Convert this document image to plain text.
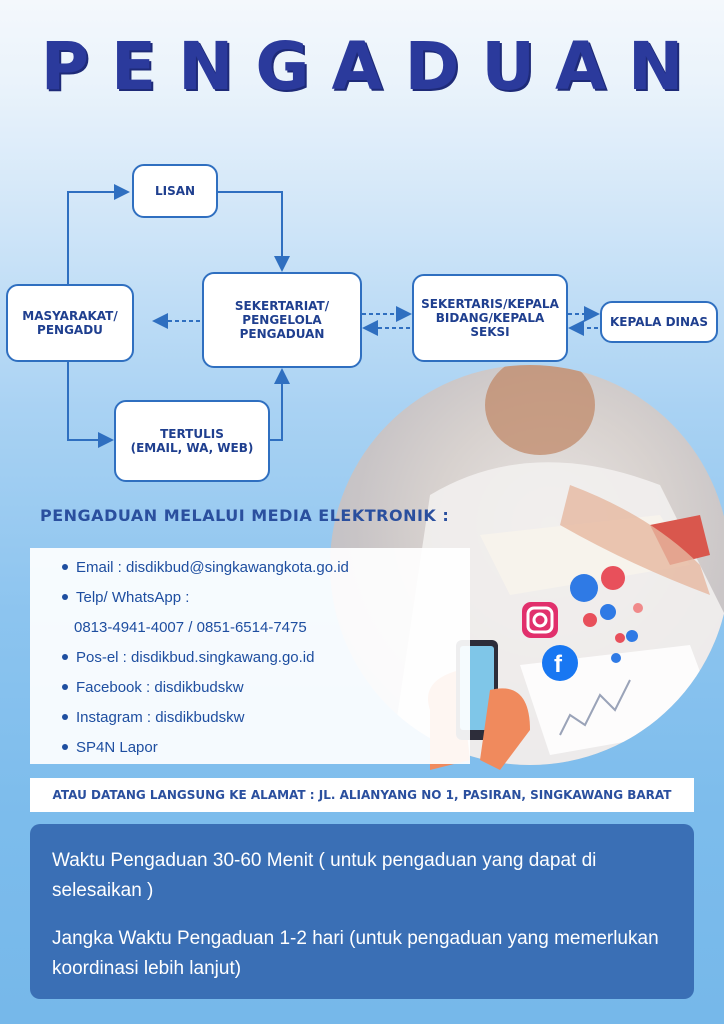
PENGADUAN
LISAN
MASYARAKAT/
PENGADU
SEKERTARIAT/
PENGELOLA
PENGADUAN
SEKERTARIS/KEPALA
BIDANG/KEPALA
SEKSI
KEPALA DINAS
TERTULIS
(EMAIL, WA, WEB)
f
PENGADUAN MELALUI MEDIA ELEKTRONIK :
Email : disdikbud@singkawangkota.go.id
Telp/ WhatsApp :
0813-4941-4007 / 0851-6514-7475
Pos-el : disdikbud.singkawang.go.id
Facebook : disdikbudskw
Instagram : disdikbudskw
SP4N Lapor
ATAU DATANG LANGSUNG KE ALAMAT : JL. ALIANYANG NO 1, PASIRAN, SINGKAWANG BARAT

Waktu Pengaduan 30-60 Menit ( untuk pengaduan yang dapat di selesaikan )

Jangka Waktu Pengaduan 1-2 hari (untuk pengaduan yang memerlukan koordinasi lebih lanjut)
